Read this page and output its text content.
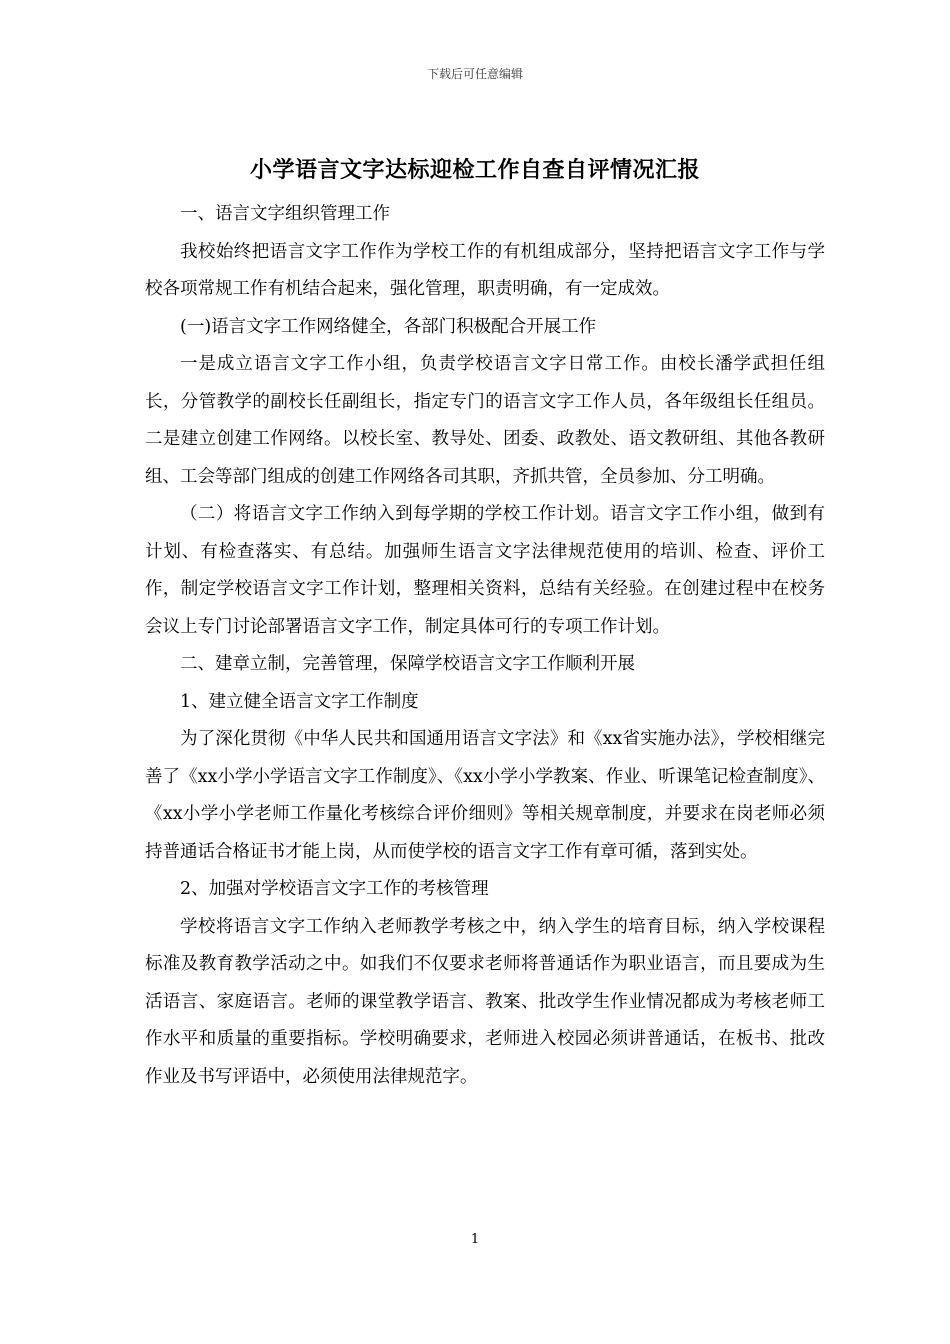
下载后可任意编辑
小学语言文字达标迎检工作自查自评情况汇报

一、语言文字组织管理工作

我校始终把语言文字工作作为学校工作的有机组成部分，坚持把语言文字工作与学校各项常规工作有机结合起来，强化管理，职责明确，有一定成效。

(一)语言文字工作网络健全，各部门积极配合开展工作

一是成立语言文字工作小组，负责学校语言文字日常工作。由校长潘学武担任组长，分管教学的副校长任副组长，指定专门的语言文字工作人员，各年级组长任组员。二是建立创建工作网络。以校长室、教导处、团委、政教处、语文教研组、其他各教研组、工会等部门组成的创建工作网络各司其职，齐抓共管，全员参加、分工明确。

（二）将语言文字工作纳入到每学期的学校工作计划。语言文字工作小组，做到有计划、有检查落实、有总结。加强师生语言文字法律规范使用的培训、检查、评价工作，制定学校语言文字工作计划，整理相关资料，总结有关经验。在创建过程中在校务会议上专门讨论部署语言文字工作，制定具体可行的专项工作计划。

二、建章立制，完善管理，保障学校语言文字工作顺利开展

1、建立健全语言文字工作制度

为了深化贯彻《中华人民共和国通用语言文字法》和《xx省实施办法》，学校相继完善了《xx小学小学语言文字工作制度》、《xx小学小学教案、作业、听课笔记检查制度》、《xx小学小学老师工作量化考核综合评价细则》等相关规章制度，并要求在岗老师必须持普通话合格证书才能上岗，从而使学校的语言文字工作有章可循，落到实处。

2、加强对学校语言文字工作的考核管理

学校将语言文字工作纳入老师教学考核之中，纳入学生的培育目标，纳入学校课程标准及教育教学活动之中。如我们不仅要求老师将普通话作为职业语言，而且要成为生活语言、家庭语言。老师的课堂教学语言、教案、批改学生作业情况都成为考核老师工作水平和质量的重要指标。学校明确要求，老师进入校园必须讲普通话，在板书、批改作业及书写评语中，必须使用法律规范字。

1
